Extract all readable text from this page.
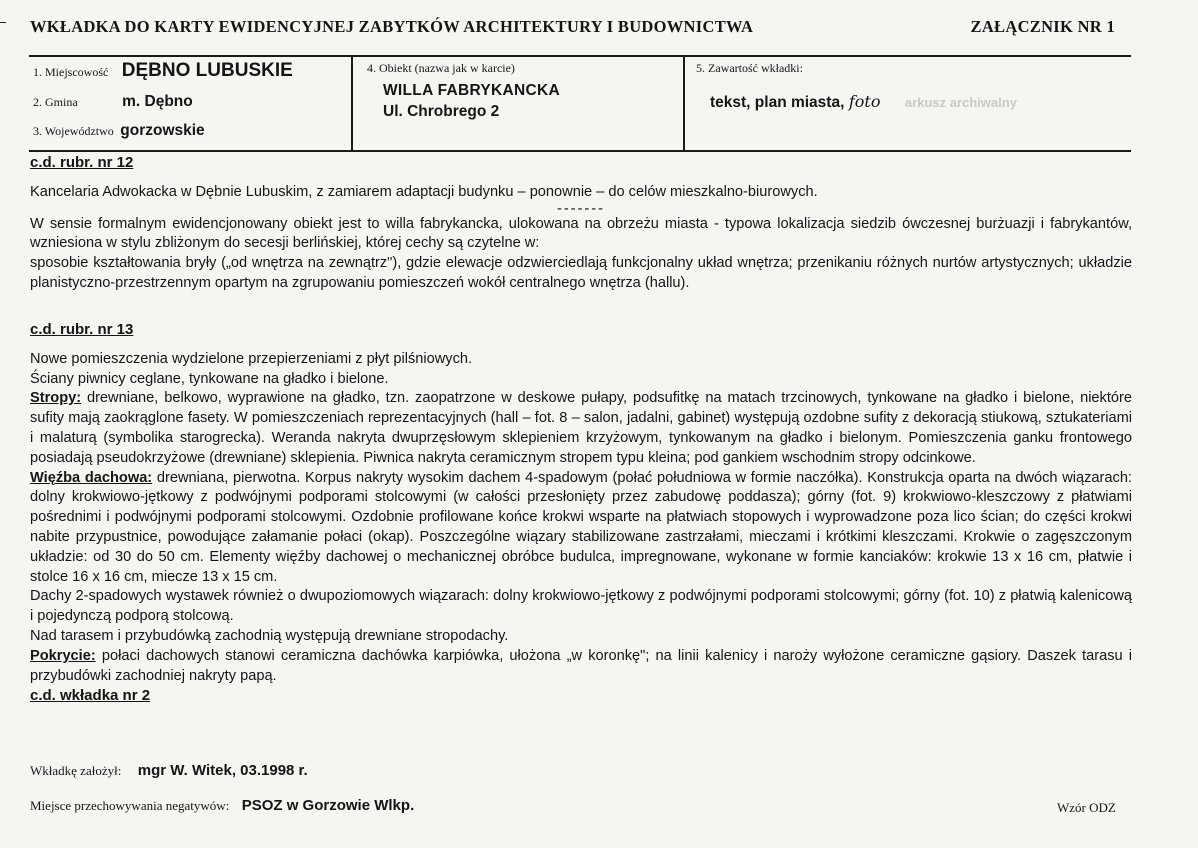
WKŁADKA DO KARTY EWIDENCYJNEJ ZABYTKÓW ARCHITEKTURY I BUDOWNICTWA	ZAŁĄCZNIK NR 1
1. Miejscowość DĘBNO LUBUSKIE
2. Gmina	m. Dębno
3. Województwo gorzowskie
4. Obiekt (nazwa jak w karcie)
WILLA FABRYKANCKA
Ul. Chrobrego 2
5. Zawartość wkładki:
tekst, plan miasta, foto arkusz archiwalny

c.d. rubr. nr 12

Kancelaria Adwokacka w Dębnie Lubuskim, z zamiarem adaptacji budynku – ponownie – do celów mieszkalno-biurowych.

-------

W sensie formalnym ewidencjonowany obiekt jest to willa fabrykancka, ulokowana na obrzeżu miasta - typowa lokalizacja siedzib ówczesnej burżuazji i fabrykantów, wzniesiona w stylu zbliżonym do secesji berlińskiej, której cechy są czytelne w:

sposobie kształtowania bryły („od wnętrza na zewnątrz"), gdzie elewacje odzwierciedlają funkcjonalny układ wnętrza; przenikaniu różnych nurtów artystycznych; układzie planistyczno-przestrzennym opartym na zgrupowaniu pomieszczeń wokół centralnego wnętrza (hallu).

c.d. rubr. nr 13

Nowe pomieszczenia wydzielone przepierzeniami z płyt pilśniowych.

Ściany piwnicy ceglane, tynkowane na gładko i bielone.

Stropy: drewniane, belkowo, wyprawione na gładko, tzn. zaopatrzone w deskowe pułapy, podsufitkę na matach trzcinowych, tynkowane na gładko i bielone, niektóre sufity mają zaokrąglone fasety. W pomieszczeniach reprezentacyjnych (hall – fot. 8 – salon, jadalni, gabinet) występują ozdobne sufity z dekoracją stiukową, sztukateriami i malaturą (symbolika starogrecka). Weranda nakryta dwuprzęsłowym sklepieniem krzyżowym, tynkowanym na gładko i bielonym. Pomieszczenia ganku frontowego posiadają pseudokrzyżowe (drewniane) sklepienia. Piwnica nakryta ceramicznym stropem typu kleina; pod gankiem wschodnim stropy odcinkowe.

Więźba dachowa: drewniana, pierwotna. Korpus nakryty wysokim dachem 4-spadowym (połać południowa w formie naczółka). Konstrukcja oparta na dwóch wiązarach: dolny krokwiowo-jętkowy z podwójnymi podporami stolcowymi (w całości przesłonięty przez zabudowę poddasza); górny (fot. 9) krokwiowo-kleszczowy z płatwiami pośrednimi i podwójnymi podporami stolcowymi. Ozdobnie profilowane końce krokwi wsparte na płatwiach stopowych i wyprowadzone poza lico ścian; do części krokwi nabite przypustnice, powodujące załamanie połaci (okap). Poszczególne wiązary stabilizowane zastrzałami, mieczami i krótkimi kleszczami. Krokwie o zagęszczonym układzie: od 30 do 50 cm. Elementy więźby dachowej o mechanicznej obróbce budulca, impregnowane, wykonane w formie kanciaków: krokwie 13 x 16 cm, płatwie i stolce 16 x 16 cm, miecze 13 x 15 cm.

Dachy 2-spadowych wystawek również o dwupoziomowych wiązarach: dolny krokwiowo-jętkowy z podwójnymi podporami stolcowymi; górny (fot. 10) z płatwią kalenicową i pojedynczą podporą stolcową.

Nad tarasem i przybudówką zachodnią występują drewniane stropodachy.

Pokrycie: połaci dachowych stanowi ceramiczna dachówka karpiówka, ułożona „w koronkę"; na linii kalenicy i naroży wyłożone ceramiczne gąsiory. Daszek tarasu i przybudówki zachodniej nakryty papą.

c.d. wkładka nr 2

Wkładkę założył: mgr W. Witek, 03.1998 r.
Miejsce przechowywania negatywów: PSOZ w Gorzowie Wlkp.	Wzór ODZ
